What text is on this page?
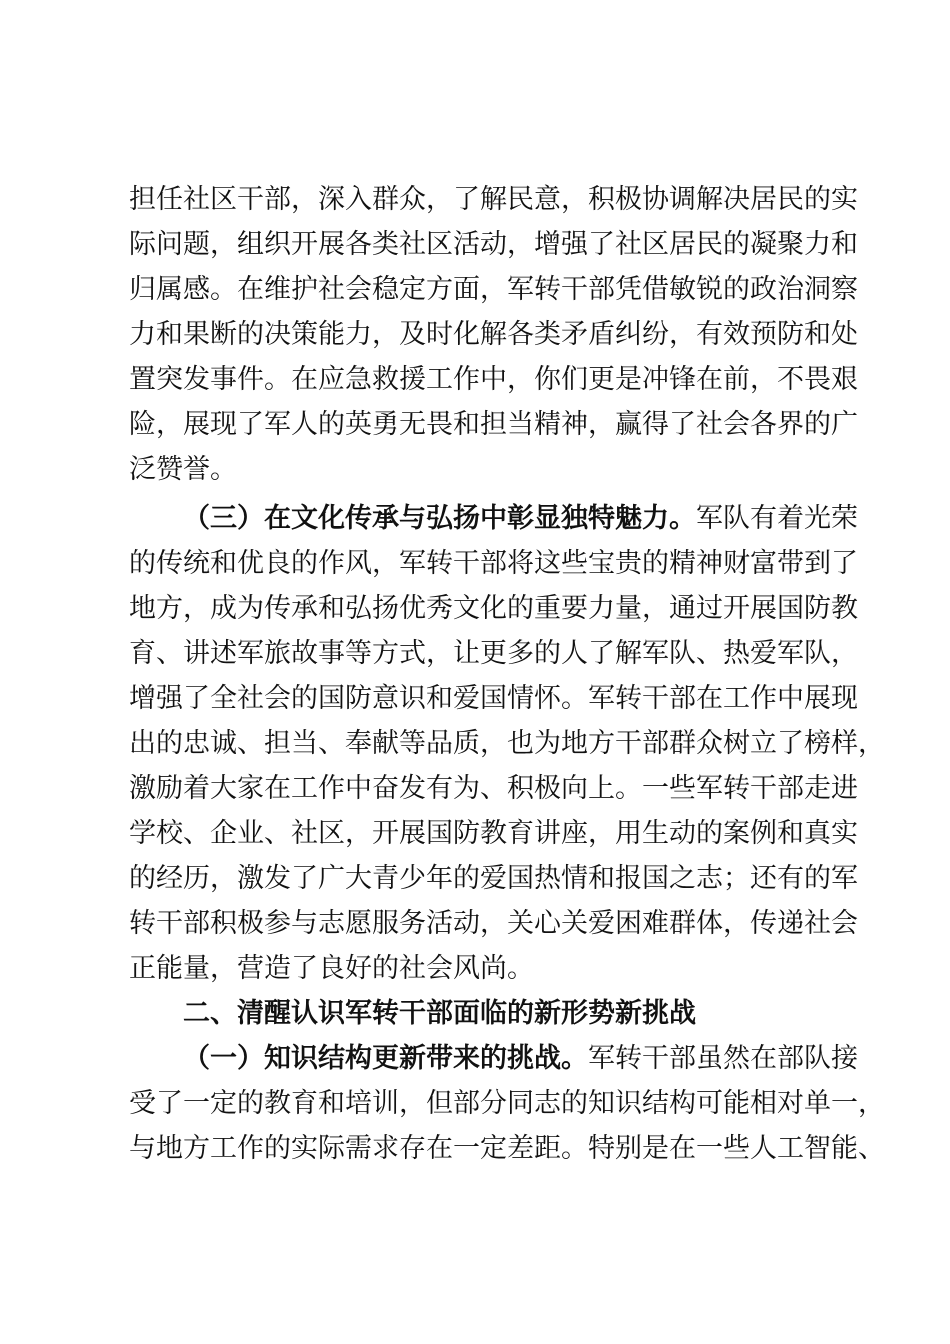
担任社区干部，深入群众，了解民意，积极协调解决居民的实
际问题，组织开展各类社区活动，增强了社区居民的凝聚力和
归属感。在维护社会稳定方面，军转干部凭借敏锐的政治洞察
力和果断的决策能力，及时化解各类矛盾纠纷，有效预防和处
置突发事件。在应急救援工作中，你们更是冲锋在前，不畏艰
险，展现了军人的英勇无畏和担当精神，赢得了社会各界的广
泛赞誉。
（三）在文化传承与弘扬中彰显独特魅力。军队有着光荣
的传统和优良的作风，军转干部将这些宝贵的精神财富带到了
地方，成为传承和弘扬优秀文化的重要力量，通过开展国防教
育、讲述军旅故事等方式，让更多的人了解军队、热爱军队，
增强了全社会的国防意识和爱国情怀。军转干部在工作中展现
出的忠诚、担当、奉献等品质，也为地方干部群众树立了榜样，
激励着大家在工作中奋发有为、积极向上。一些军转干部走进
学校、企业、社区，开展国防教育讲座，用生动的案例和真实
的经历，激发了广大青少年的爱国热情和报国之志；还有的军
转干部积极参与志愿服务活动，关心关爱困难群体，传递社会
正能量，营造了良好的社会风尚。
二、清醒认识军转干部面临的新形势新挑战
（一）知识结构更新带来的挑战。军转干部虽然在部队接
受了一定的教育和培训，但部分同志的知识结构可能相对单一，
与地方工作的实际需求存在一定差距。特别是在一些人工智能、
